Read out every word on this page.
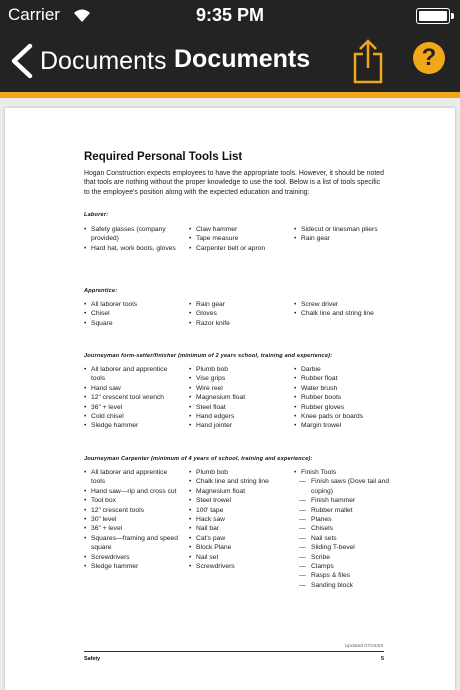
Carrier	9:35 PM
Documents Documents	?
Required Personal Tools List
Hogan Construction expects employees to have the appropriate tools. However, it should be noted that tools are nothing without the proper knowledge to use the tool. Below is a list of tools specific to the employee's position along with the expected education and training:
Laborer:
• Safety glasses (company provided)
• Hard hat, work boots, gloves
• Claw hammer
• Tape measure
• Carpenter belt or apron
• Sidecut or linesman pliers
• Rain gear
Apprentice:
• All laborer tools
• Chisel
• Square
• Rain gear
• Gloves
• Razor knife
• Screw driver
• Chalk line and string line
Journeyman form-setter/finisher (minimum of 2 years school, training and experience):
• All laborer and apprentice tools
• Hand saw
• 12" crescent tool wrench
• 36" + level
• Cold chisel
• Sledge hammer
• Plumb bob
• Vise grips
• Wire reel
• Magnesium float
• Steel float
• Hand edgers
• Hand jointer
• Darbie
• Rubber float
• Water brush
• Rubber boots
• Rubber gloves
• Knee pads or boards
• Margin trowel
Journeyman Carpenter (minimum of 4 years of school, training and experience):
• All laborer and apprentice tools
• Hand saw—rip and cross cut
• Tool box
• 12" crescent tools
• 30" level
• 36" + level
• Squares—framing and speed square
• Screwdrivers
• Sledge hammer
• Plumb bob
• Chalk line and string line
• Magnesium float
• Steel trowel
• 100' tape
• Hack saw
• Nail bar
• Cat's paw
• Block Plane
• Nail set
• Screwdrivers
• Finish Tools
— Finish saws (Dove tail and coping)
— Finish hammer
— Rubber mallet
— Planes
— Chisels
— Nail sets
— Sliding T-bevel
— Scribe
— Clamps
— Rasps & files
— Sanding block
Updated 07/24/05
Safety	5
